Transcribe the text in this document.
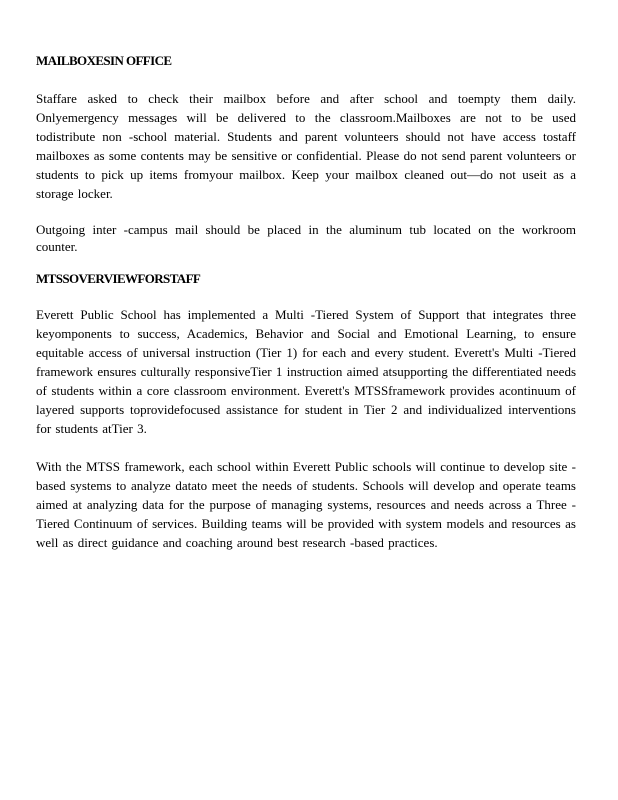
MAILBOXESIN OFFICE

Staffare asked to check their mailbox before and after school and toempty them daily. Onlyemergency messages will be delivered to the classroom.Mailboxes are not to be used todistribute non -school material. Students and parent volunteers should not have access tostaff mailboxes as some contents may be sensitive or confidential. Please do not send parent volunteers or students to pick up items fromyour mailbox. Keep your mailbox cleaned out—do not useit as a storage locker.

Outgoing inter -campus mail should be placed in the aluminum tub located on the workroom counter.

MTSSOVERVIEWFORSTAFF

Everett Public School has implemented a Multi -Tiered System of Support that integrates three keyomponents to success, Academics, Behavior and Social and Emotional Learning, to ensure equitable access of universal instruction (Tier 1) for each and every student. Everett's Multi -Tiered framework ensures culturally responsiveTier 1 instruction aimed atsupporting the differentiated needs of students within a core classroom environment. Everett's MTSSframework provides acontinuum of layered supports toprovidefocused assistance for student in Tier 2 and individualized interventions for students atTier 3.

With the MTSS framework, each school within Everett Public schools will continue to develop site -based systems to analyze datato meet the needs of students. Schools will develop and operate teams aimed at analyzing data for the purpose of managing systems, resources and needs across a Three -Tiered Continuum of services. Building teams will be provided with system models and resources as well as direct guidance and coaching around best research -based practices.
